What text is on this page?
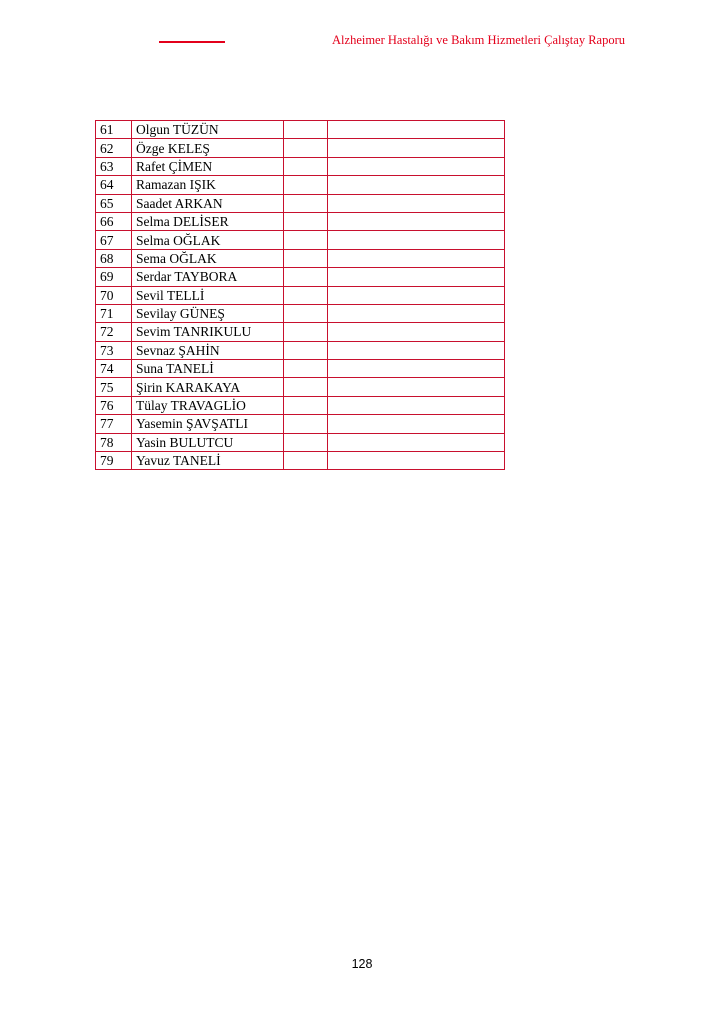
Alzheimer Hastalığı ve Bakım Hizmetleri Çalıştay Raporu
61	Olgun TÜZÜN		
62	Özge KELEŞ		
63	Rafet ÇİMEN		
64	Ramazan IŞIK		
65	Saadet ARKAN		
66	Selma DELİSER		
67	Selma OĞLAK		
68	Sema OĞLAK		
69	Serdar TAYBORA		
70	Sevil TELLİ		
71	Sevilay GÜNEŞ		
72	Sevim TANRIKULU		
73	Sevnaz ŞAHİN		
74	Suna TANELİ		
75	Şirin KARAKAYA		
76	Tülay TRAVAGLİO		
77	Yasemin ŞAVŞATLI		
78	Yasin BULUTCU		
79	Yavuz TANELİ		
128
